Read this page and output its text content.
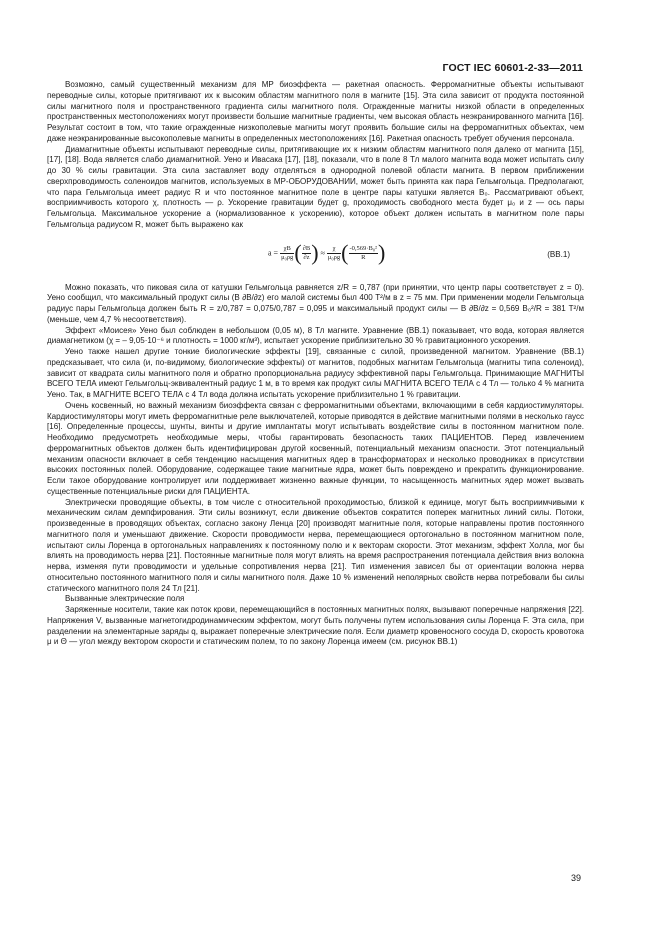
ГОСТ IEC 60601-2-33—2011

Возможно, самый существенный механизм для МР биоэффекта — ракетная опасность. Ферромагнитные объекты испытывают переводные силы, которые притягивают их к высоким областям магнитного поля в магните [15]. Эта сила зависит от продукта постоянной силы магнитного поля и пространственного градиента силы магнитного поля. Огражденные магниты низкой области в определенных пространственных местоположениях могут произвести большие магнитные градиенты, чем высокая область неэкранированного магнита [16]. Результат состоит в том, что такие огражденные низкополевые магниты могут проявить большие силы на ферромагнитных объектах, чем даже неэкранированные высокополевые магниты в определенных местоположениях [16]. Ракетная опасность требует обучения персонала.

Диамагнитные объекты испытывают переводные силы, притягивающие их к низким областям магнитного поля далеко от магнита [15], [17], [18]. Вода является слабо диамагнитной. Уено и Ивасака [17], [18], показали, что в поле 8 Тл малого магнита вода может испытать силу до 30 % силы гравитации. Эта сила заставляет воду отделяться в однородной полевой области магнита. В первом приближении сверхпроводимость соленоидов магнитов, используемых в МР-ОБОРУДОВАНИИ, может быть принята как пара Гельмгольца. Предполагают, что пара Гельмгольца имеет радиус R и что постоянное магнитное поле в центре пары катушки является B₀. Рассматривают объект, восприимчивость которого χ, плотность — ρ. Ускорение гравитации будет g, проходимость свободного места будет μ₀ и z — ось пары Гельмгольца. Максимальное ускорение a (нормализованное к ускорению), которое объект должен испытать в магнитном поле пары Гельмгольца радиусом R, может быть выражено как

$a = \frac{\chi B}{\text{μ₀ρg}}$ ( $\frac{\partial B}{\partial z}$ ) ≈ $\frac{\chi}{\text{μ₀ρg}}$ ( $\frac{\text{-0,569·B₀²}}{R}$ )	(ВВ.1)

Можно показать, что пиковая сила от катушки Гельмгольца равняется z/R = 0,787 (при принятии, что центр пары соответствует z = 0). Уено сообщил, что максимальный продукт силы (B ∂B/∂z) его малой системы был 400 Т²/м в z = 75 мм. При применении модели Гельмгольца радиус пары Гельмгольца должен быть R = z/0,787 = 0,075/0,787 = 0,095 и максимальный продукт силы — B ∂B/∂z = 0,569 B₀²/R = 381 Т²/м (меньше, чем 4,7 % несоответствия).

Эффект «Моисея» Уено был соблюден в небольшом (0,05 м), 8 Тл магните. Уравнение (ВВ.1) показывает, что вода, которая является диамагнетиком (χ = – 9,05·10⁻⁶ и плотность = 1000 кг/м³), испытает ускорение приблизительно 30 % гравитационного ускорения.

Уено также нашел другие тонкие биологические эффекты [19], связанные с силой, произведенной магнитом. Уравнение (ВВ.1) предсказывает, что сила (и, по-видимому, биологические эффекты) от магнитов, подобных магнитам Гельмгольца (магниты типа соленоид), зависит от квадрата силы магнитного поля и обратно пропорциональна радиусу эффективной пары Гельмгольца. Принимающие МАГНИТЫ ВСЕГО ТЕЛА имеют Гельмгольц-эквивалентный радиус 1 м, в то время как продукт силы МАГНИТА ВСЕГО ТЕЛА с 4 Тл — только 4 % магнита Уено. Так, в МАГНИТЕ ВСЕГО ТЕЛА с 4 Тл вода должна испытать ускорение приблизительно 1 % гравитации.

Очень косвенный, но важный механизм биоэффекта связан с ферромагнитными объектами, включающими в себя кардиостимуляторы. Кардиостимуляторы могут иметь ферромагнитные реле выключателей, которые приводятся в действие магнитными полями в несколько гаусс [16]. Определенные процессы, шунты, винты и другие имплантаты могут испытывать воздействие силы в постоянном магнитном поле. Необходимо предусмотреть необходимые меры, чтобы гарантировать безопасность таких ПАЦИЕНТОВ. Перед извлечением ферромагнитных объектов должен быть идентифицирован другой косвенный, потенциальный механизм опасности. Этот потенциальный механизм опасности включает в себя тенденцию насыщения магнитных ядер в трансформаторах и несколько проводниках в присутствии высоких постоянных полей. Оборудование, содержащее такие магнитные ядра, может быть повреждено и прекратить функционирование. Если такое оборудование контролирует или поддерживает жизненно важные функции, то насыщенность магнитных ядер может вызвать существенные потенциальные риски для ПАЦИЕНТА.

Электрически проводящие объекты, в том числе с относительной проходимостью, близкой к единице, могут быть восприимчивыми к механическим силам демпфирования. Эти силы возникнут, если движение объектов сократится поперек магнитных линий силы. Потоки, произведенные в проводящих объектах, согласно закону Ленца [20] производят магнитные поля, которые направлены против постоянного магнитного поля и уменьшают движение. Скорости проводимости нерва, перемещающиеся ортогонально в постоянном магнитном поле, испытают силы Лоренца в ортогональных направлениях к постоянному полю и к векторам скорости. Этот механизм, эффект Холла, мог бы влиять на проводимость нерва [21]. Постоянные магнитные поля могут влиять на время распространения потенциала действия вниз волокна нерва, изменяя пути проводимости и удельные сопротивления нерва [21]. Тип изменения зависел бы от ориентации волокна нерва относительно постоянного магнитного поля и силы магнитного поля. Даже 10 % изменений неполярных свойств нерва потребовали бы силы статического магнитного поля 24 Тл [21].

Вызванные электрические поля

Заряженные носители, такие как поток крови, перемещающийся в постоянных магнитных полях, вызывают поперечные напряжения [22]. Напряжения V, вызванные магнетогидродинамическим эффектом, могут быть получены путем использования силы Лоренца F. Эта сила, при разделении на элементарные заряды q, выражает поперечные электрические поля. Если диаметр кровеносного сосуда D, скорость кровотока μ и Θ — угол между вектором скорости и статическим полем, то по закону Лоренца имеем (см. рисунок ВВ.1)

39
